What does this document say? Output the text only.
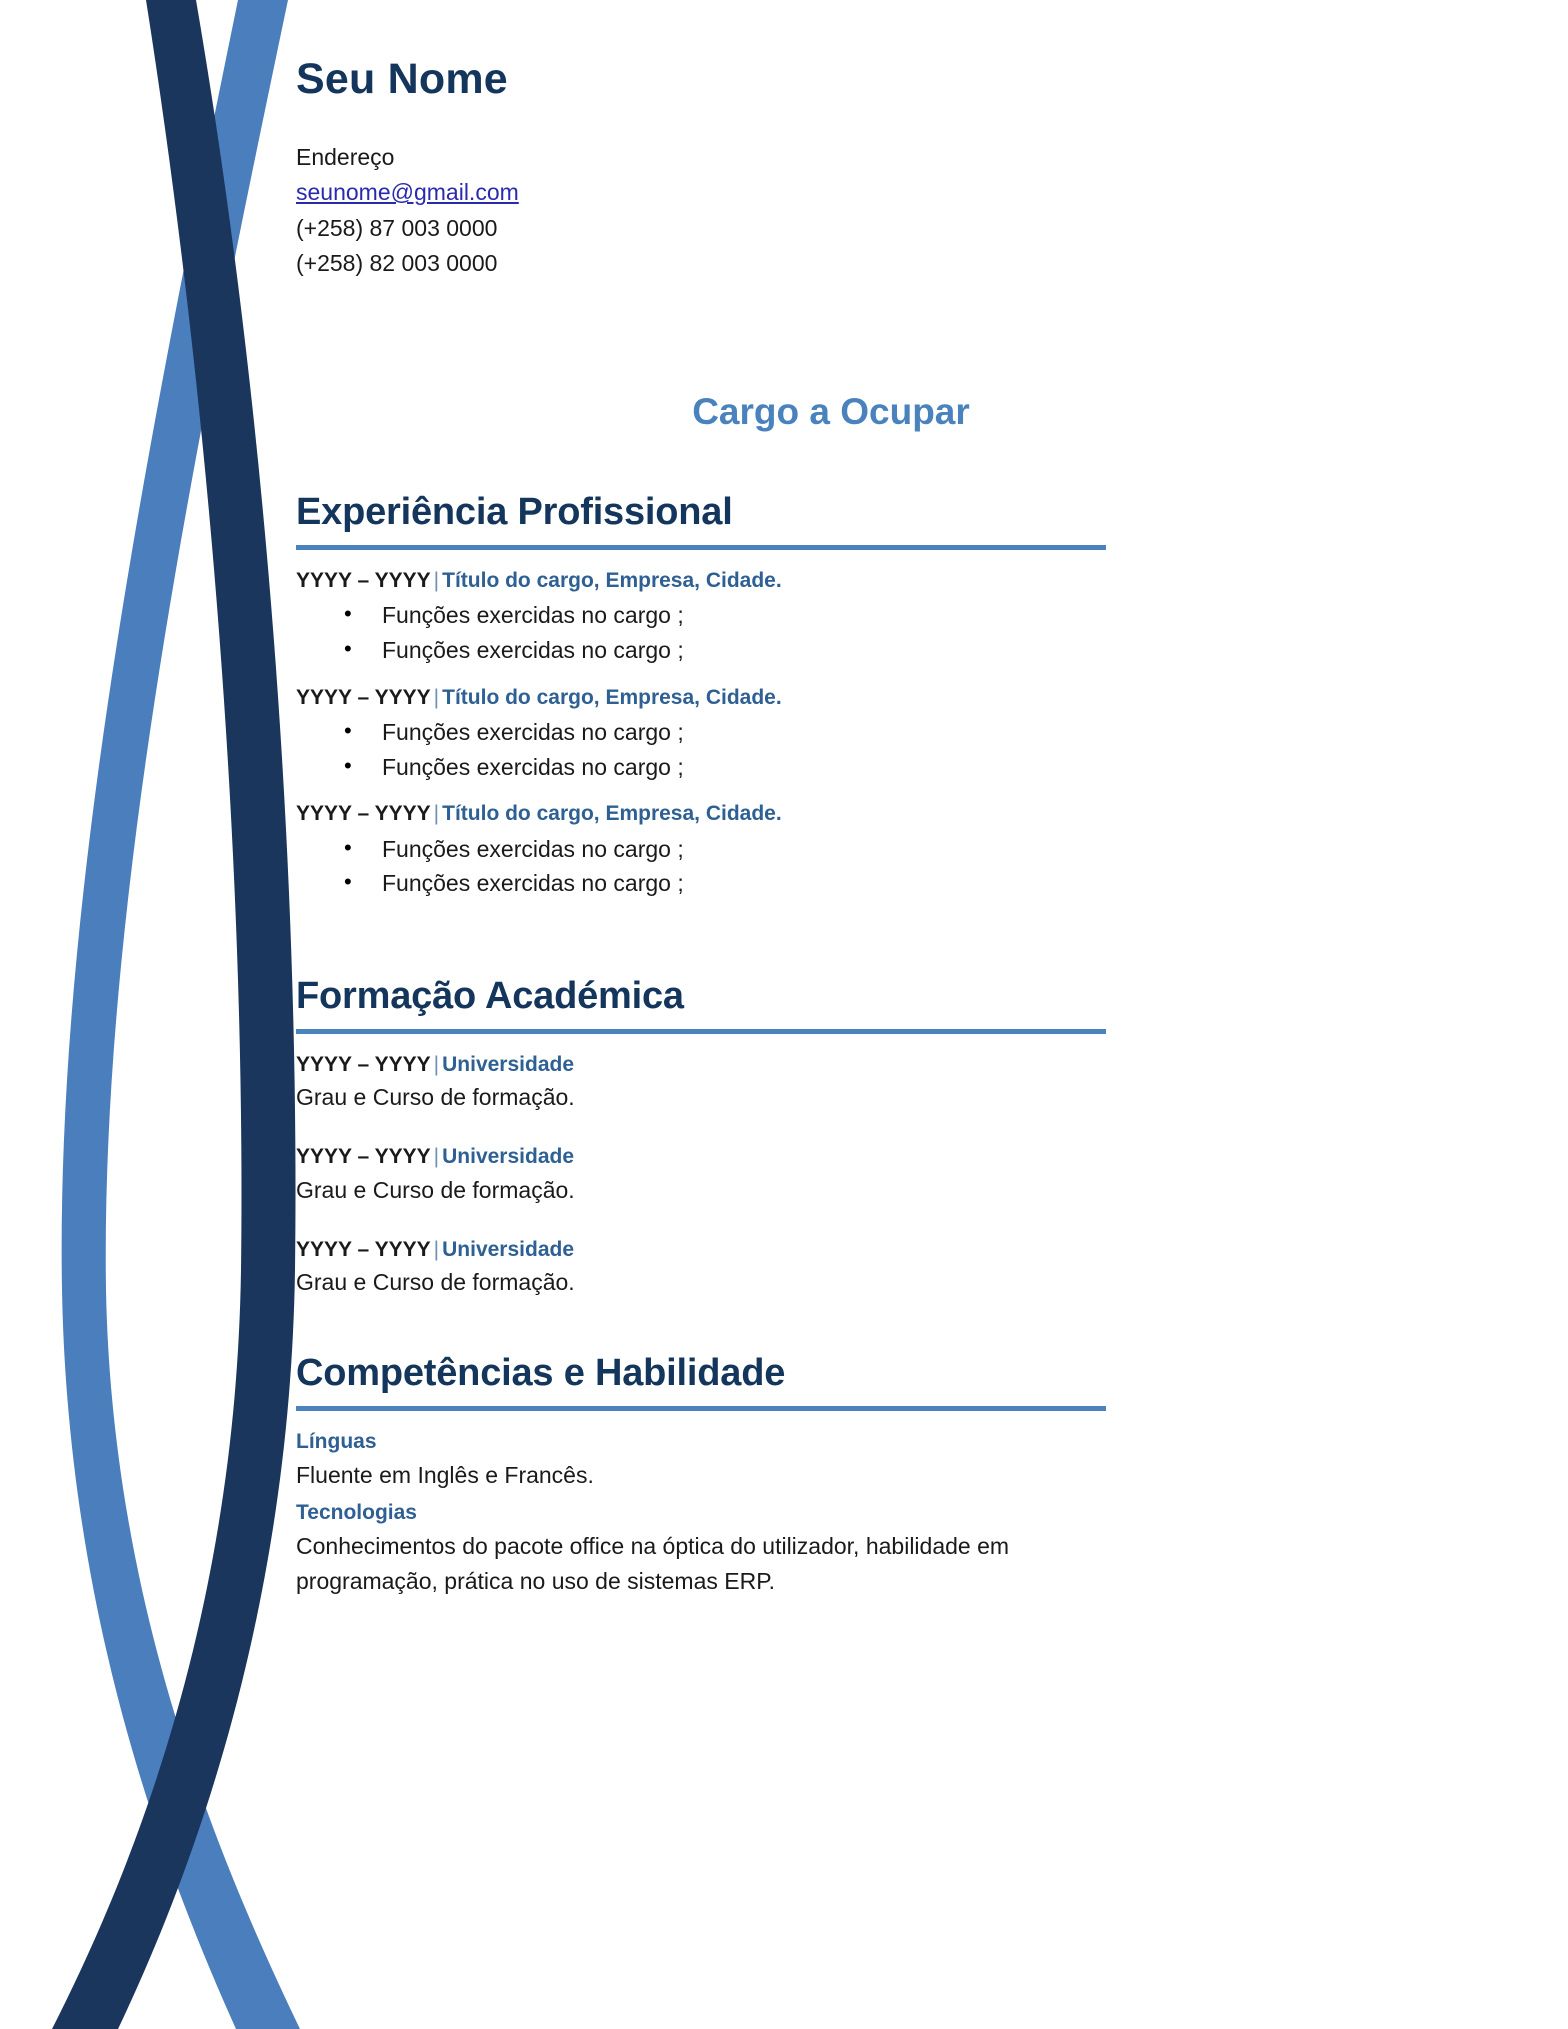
Seu Nome
Endereço
seunome@gmail.com
(+258) 87 003 0000
(+258) 82 003 0000
Cargo a Ocupar
Experiência Profissional
YYYY – YYYY | Título do cargo, Empresa, Cidade.
• Funções exercidas no cargo ;
• Funções exercidas no cargo ;
YYYY – YYYY | Título do cargo, Empresa, Cidade.
• Funções exercidas no cargo ;
• Funções exercidas no cargo ;
YYYY – YYYY | Título do cargo, Empresa, Cidade.
• Funções exercidas no cargo ;
• Funções exercidas no cargo ;
Formação Académica
YYYY – YYYY | Universidade
Grau e Curso de formação.
YYYY – YYYY | Universidade
Grau e Curso de formação.
YYYY – YYYY | Universidade
Grau e Curso de formação.
Competências e Habilidade
Línguas
Fluente em Inglês e Francês.
Tecnologias
Conhecimentos do pacote office na óptica do utilizador, habilidade em programação, prática no uso de sistemas ERP.
